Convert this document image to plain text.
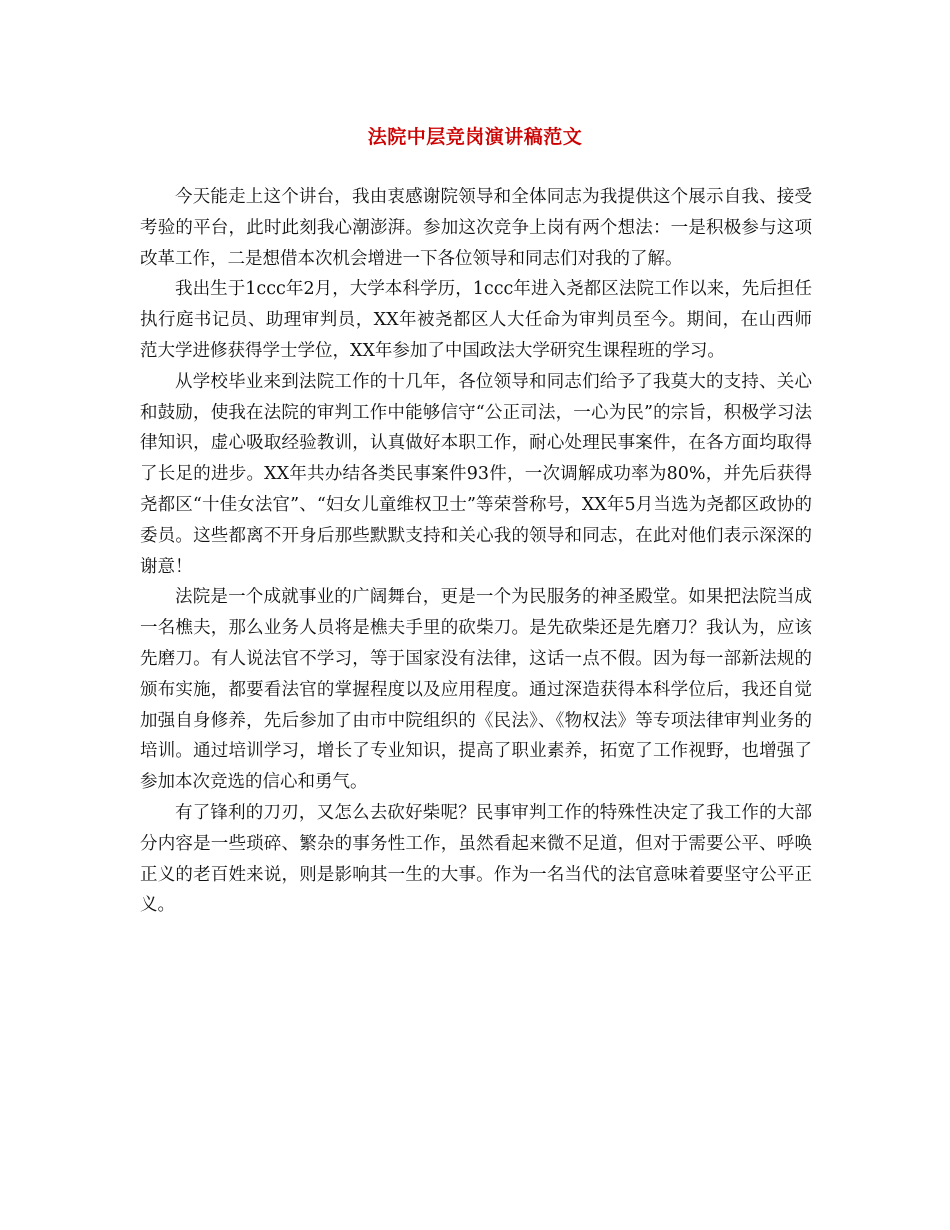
法院中层竞岗演讲稿范文

今天能走上这个讲台，我由衷感谢院领导和全体同志为我提供这个展示自我、接受考验的平台，此时此刻我心潮澎湃。参加这次竞争上岗有两个想法：一是积极参与这项改革工作，二是想借本次机会增进一下各位领导和同志们对我的了解。

我出生于1ccc年2月，大学本科学历，1ccc年进入尧都区法院工作以来，先后担任执行庭书记员、助理审判员，XX年被尧都区人大任命为审判员至今。期间，在山西师范大学进修获得学士学位，XX年参加了中国政法大学研究生课程班的学习。

从学校毕业来到法院工作的十几年，各位领导和同志们给予了我莫大的支持、关心和鼓励，使我在法院的审判工作中能够信守“公正司法，一心为民”的宗旨，积极学习法律知识，虚心吸取经验教训，认真做好本职工作，耐心处理民事案件，在各方面均取得了长足的进步。XX年共办结各类民事案件93件，一次调解成功率为80%，并先后获得尧都区“十佳女法官”、“妇女儿童维权卫士”等荣誉称号，XX年5月当选为尧都区政协的委员。这些都离不开身后那些默默支持和关心我的领导和同志，在此对他们表示深深的谢意！

法院是一个成就事业的广阔舞台，更是一个为民服务的神圣殿堂。如果把法院当成一名樵夫，那么业务人员将是樵夫手里的砍柴刀。是先砍柴还是先磨刀？我认为，应该先磨刀。有人说法官不学习，等于国家没有法律，这话一点不假。因为每一部新法规的颁布实施，都要看法官的掌握程度以及应用程度。通过深造获得本科学位后，我还自觉加强自身修养，先后参加了由市中院组织的《民法》、《物权法》等专项法律审判业务的培训。通过培训学习，增长了专业知识，提高了职业素养，拓宽了工作视野，也增强了参加本次竞选的信心和勇气。

有了锋利的刀刃，又怎么去砍好柴呢？民事审判工作的特殊性决定了我工作的大部分内容是一些琐碎、繁杂的事务性工作，虽然看起来微不足道，但对于需要公平、呼唤正义的老百姓来说，则是影响其一生的大事。作为一名当代的法官意味着要坚守公平正义。
